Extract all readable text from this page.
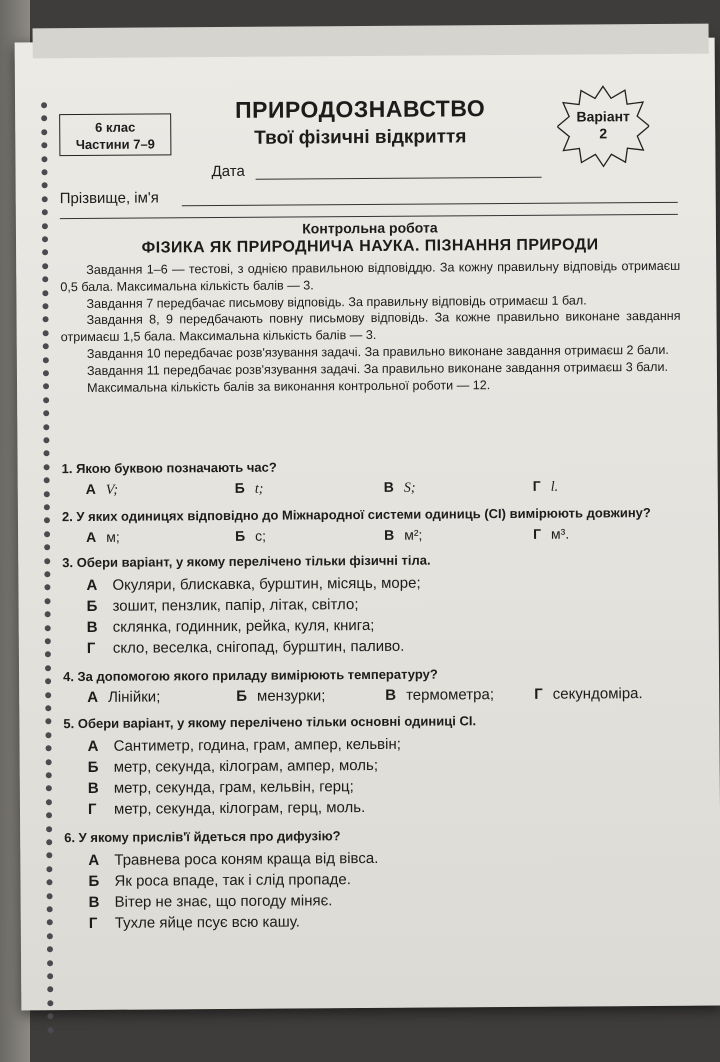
6 клас
Частини 7–9
ПРИРОДОЗНАВСТВО
Твої фізичні відкриття
Варіант
2
Дата
Прізвище, ім'я
Контрольна робота
ФІЗИКА ЯК ПРИРОДНИЧА НАУКА. ПІЗНАННЯ ПРИРОДИ

Завдання 1–6 — тестові, з однією правильною відповіддю. За кожну правильну відповідь отримаєш 0,5 бала. Максимальна кількість балів — 3.

Завдання 7 передбачає письмову відповідь. За правильну відповідь отримаєш 1 бал.

Завдання 8, 9 передбачають повну письмову відповідь. За кожне правильно виконане завдання отримаєш 1,5 бала. Максимальна кількість балів — 3.

Завдання 10 передбачає розв'язування задачі. За правильно виконане завдання отримаєш 2 бали.

Завдання 11 передбачає розв'язування задачі. За правильно виконане завдання отримаєш 3 бали.

Максимальна кількість балів за виконання контрольної роботи — 12.

1. Якою буквою позначають час?

А V;	Б t;	В S;	Г l.

2. У яких одиницях відповідно до Міжнародної системи одиниць (СІ) вимірюють довжину?

А м;	Б с;	В м²;	Г м³.

3. Обери варіант, у якому перелічено тільки фізичні тіла.

А Окуляри, блискавка, бурштин, місяць, море;
Б зошит, пензлик, папір, літак, світло;
В склянка, годинник, рейка, куля, книга;
Г скло, веселка, снігопад, бурштин, паливо.

4. За допомогою якого приладу вимірюють температуру?

А Лінійки;	Б мензурки;	В термометра;	Г секундоміра.

5. Обери варіант, у якому перелічено тільки основні одиниці СІ.

А Сантиметр, година, грам, ампер, кельвін;
Б метр, секунда, кілограм, ампер, моль;
В метр, секунда, грам, кельвін, герц;
Г метр, секунда, кілограм, герц, моль.

6. У якому прислів'ї йдеться про дифузію?

А Травнева роса коням краща від вівса.
Б Як роса впаде, так і слід пропаде.
В Вітер не знає, що погоду міняє.
Г Тухле яйце псує всю кашу.
